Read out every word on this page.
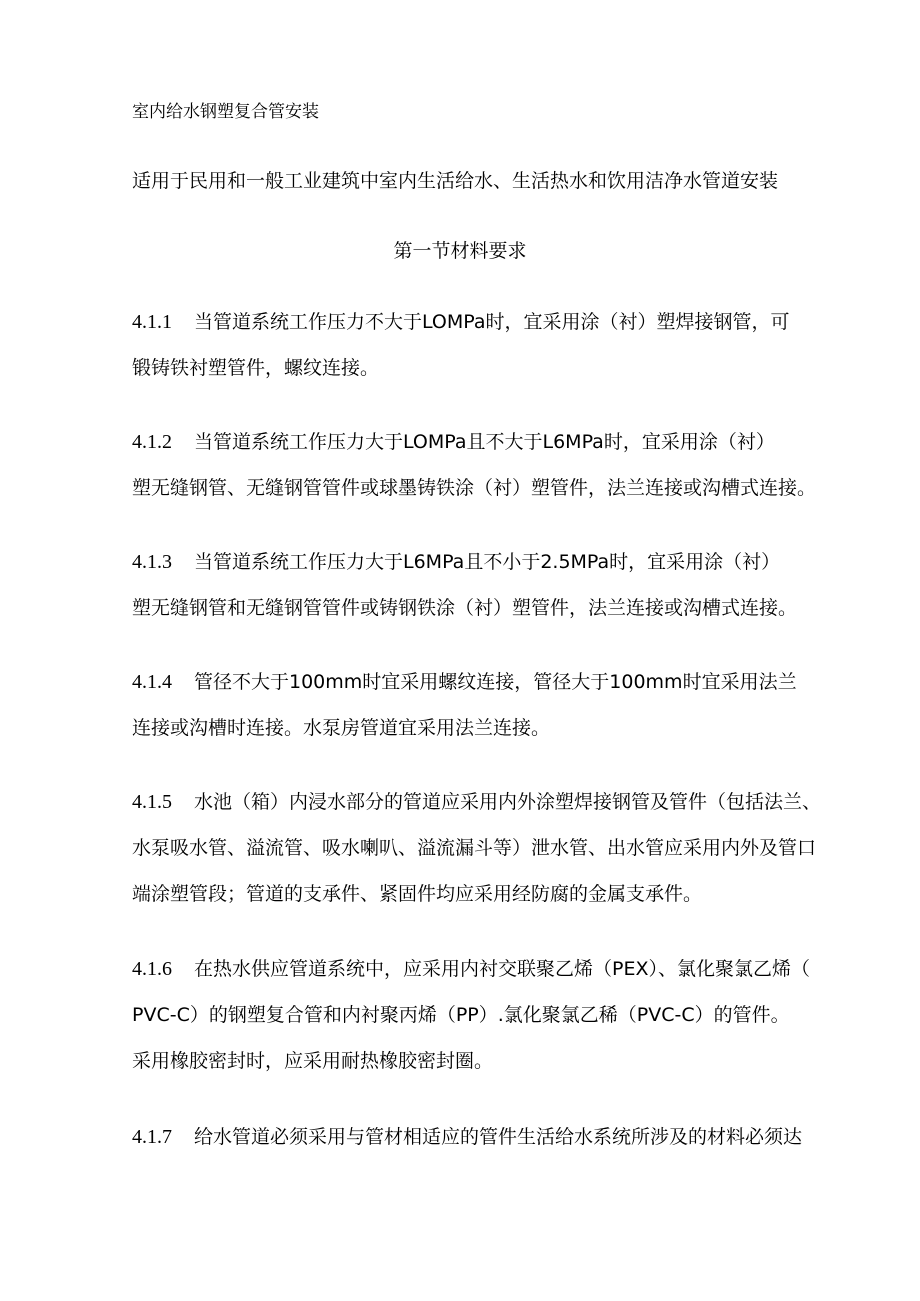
室内给水钢塑复合管安装
适用于民用和一般工业建筑中室内生活给水、生活热水和饮用洁净水管道安装
第一节材料要求
4.1.1 当管道系统工作压力不大于LOMPa时，宜采用涂（衬）塑焊接钢管，可
锻铸铁衬塑管件，螺纹连接。
4.1.2 当管道系统工作压力大于LOMPa且不大于L6MPa时，宜采用涂（衬）
塑无缝钢管、无缝钢管管件或球墨铸铁涂（衬）塑管件，法兰连接或沟槽式连接。
4.1.3 当管道系统工作压力大于L6MPa且不小于2.5MPa时，宜采用涂（衬）
塑无缝钢管和无缝钢管管件或铸钢铁涂（衬）塑管件，法兰连接或沟槽式连接。
4.1.4 管径不大于100mm时宜采用螺纹连接，管径大于100mm时宜采用法兰
连接或沟槽时连接。水泵房管道宜采用法兰连接。
4.1.5 水池（箱）内浸水部分的管道应采用内外涂塑焊接钢管及管件（包括法兰、
水泵吸水管、溢流管、吸水喇叭、溢流漏斗等）泄水管、出水管应采用内外及管口
端涂塑管段；管道的支承件、紧固件均应采用经防腐的金属支承件。
4.1.6 在热水供应管道系统中，应采用内衬交联聚乙烯（PEX）、氯化聚氯乙烯（
PVC-C）的钢塑复合管和内衬聚丙烯（PP）.氯化聚氯乙稀（PVC-C）的管件。
采用橡胶密封时，应采用耐热橡胶密封圈。
4.1.7 给水管道必须采用与管材相适应的管件生活给水系统所涉及的材料必须达
